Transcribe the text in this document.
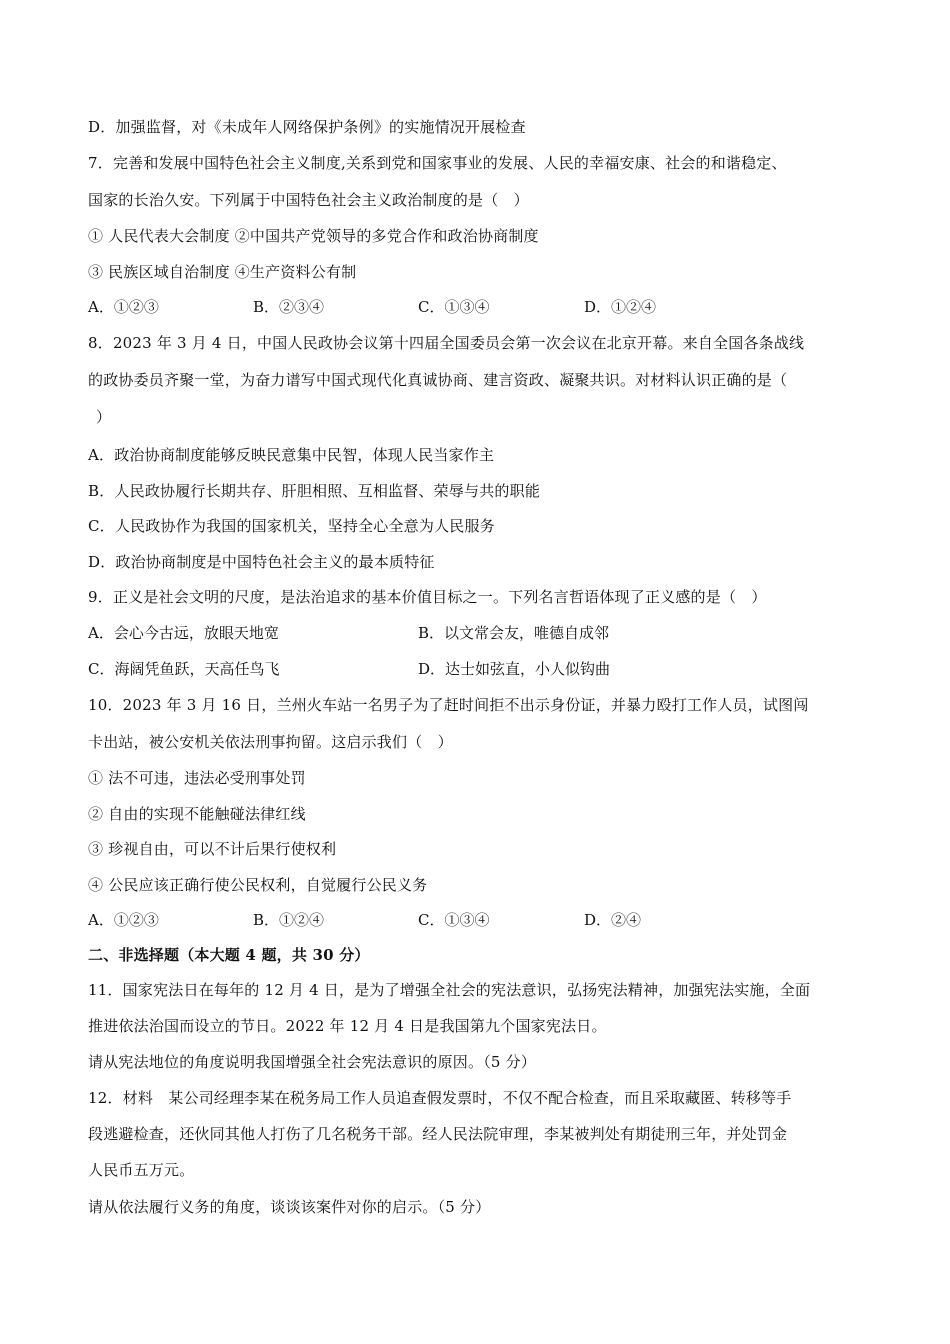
D．加强监督，对《未成年人网络保护条例》的实施情况开展检查
7．完善和发展中国特色社会主义制度,关系到党和国家事业的发展、人民的幸福安康、社会的和谐稳定、
国家的长治久安。下列属于中国特色社会主义政治制度的是（　）
① 人民代表大会制度 ②中国共产党领导的多党合作和政治协商制度
③ 民族区域自治制度 ④生产资料公有制
A．①②③	B．②③④	C．①③④	D．①②④
8．2023 年 3 月 4 日，中国人民政协会议第十四届全国委员会第一次会议在北京开幕。来自全国各条战线
的政协委员齐聚一堂，为奋力谱写中国式现代化真诚协商、建言资政、凝聚共识。对材料认识正确的是（
）
A．政治协商制度能够反映民意集中民智，体现人民当家作主
B．人民政协履行长期共存、肝胆相照、互相监督、荣辱与共的职能
C．人民政协作为我国的国家机关，坚持全心全意为人民服务
D．政治协商制度是中国特色社会主义的最本质特征
9．正义是社会文明的尺度，是法治追求的基本价值目标之一。下列名言哲语体现了正义感的是（　）
A．会心今古远，放眼天地宽	B．以文常会友，唯德自成邻
C．海阔凭鱼跃，天高任鸟飞	D．达士如弦直，小人似钩曲
10．2023 年 3 月 16 日，兰州火车站一名男子为了赶时间拒不出示身份证，并暴力殴打工作人员，试图闯
卡出站，被公安机关依法刑事拘留。这启示我们（　）
① 法不可违，违法必受刑事处罚
② 自由的实现不能触碰法律红线
③ 珍视自由，可以不计后果行使权利
④ 公民应该正确行使公民权利，自觉履行公民义务
A．①②③	B．①②④	C．①③④	D．②④
二、非选择题（本大题 4 题，共 30 分）
11．国家宪法日在每年的 12 月 4 日，是为了增强全社会的宪法意识，弘扬宪法精神，加强宪法实施，全面
推进依法治国而设立的节日。2022 年 12 月 4 日是我国第九个国家宪法日。
请从宪法地位的角度说明我国增强全社会宪法意识的原因。（5 分）
12．材料　某公司经理李某在税务局工作人员追查假发票时，不仅不配合检查，而且采取藏匿、转移等手
段逃避检查，还伙同其他人打伤了几名税务干部。经人民法院审理，李某被判处有期徒刑三年，并处罚金
人民币五万元。
请从依法履行义务的角度，谈谈该案件对你的启示。（5 分）
